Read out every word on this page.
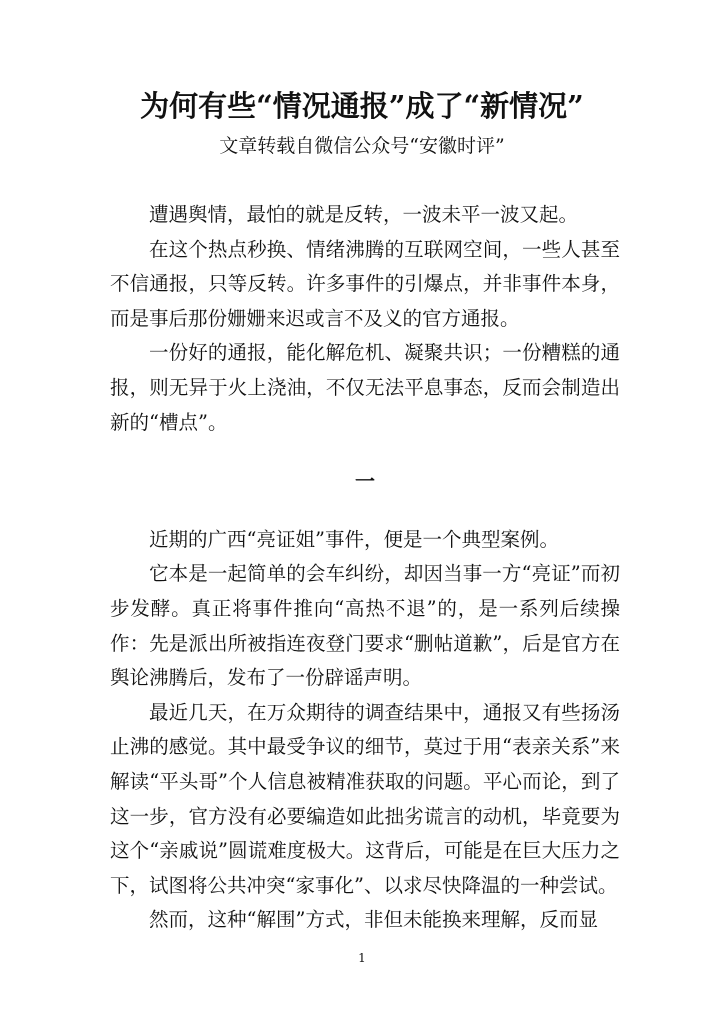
为何有些“情况通报”成了“新情况”
文章转载自微信公众号“安徽时评”

遭遇舆情，最怕的就是反转，一波未平一波又起。

在这个热点秒换、情绪沸腾的互联网空间，一些人甚至不信通报，只等反转。许多事件的引爆点，并非事件本身，而是事后那份姗姗来迟或言不及义的官方通报。

一份好的通报，能化解危机、凝聚共识；一份糟糕的通报，则无异于火上浇油，不仅无法平息事态，反而会制造出新的“槽点”。

一

近期的广西“亮证姐”事件，便是一个典型案例。

它本是一起简单的会车纠纷，却因当事一方“亮证”而初步发酵。真正将事件推向“高热不退”的，是一系列后续操作：先是派出所被指连夜登门要求“删帖道歉”，后是官方在舆论沸腾后，发布了一份辟谣声明。

最近几天，在万众期待的调查结果中，通报又有些扬汤止沸的感觉。其中最受争议的细节，莫过于用“表亲关系”来解读“平头哥”个人信息被精准获取的问题。平心而论，到了这一步，官方没有必要编造如此拙劣谎言的动机，毕竟要为这个“亲戚说”圆谎难度极大。这背后，可能是在巨大压力之下，试图将公共冲突“家事化”、以求尽快降温的一种尝试。

然而，这种“解围”方式，非但未能换来理解，反而显

1
